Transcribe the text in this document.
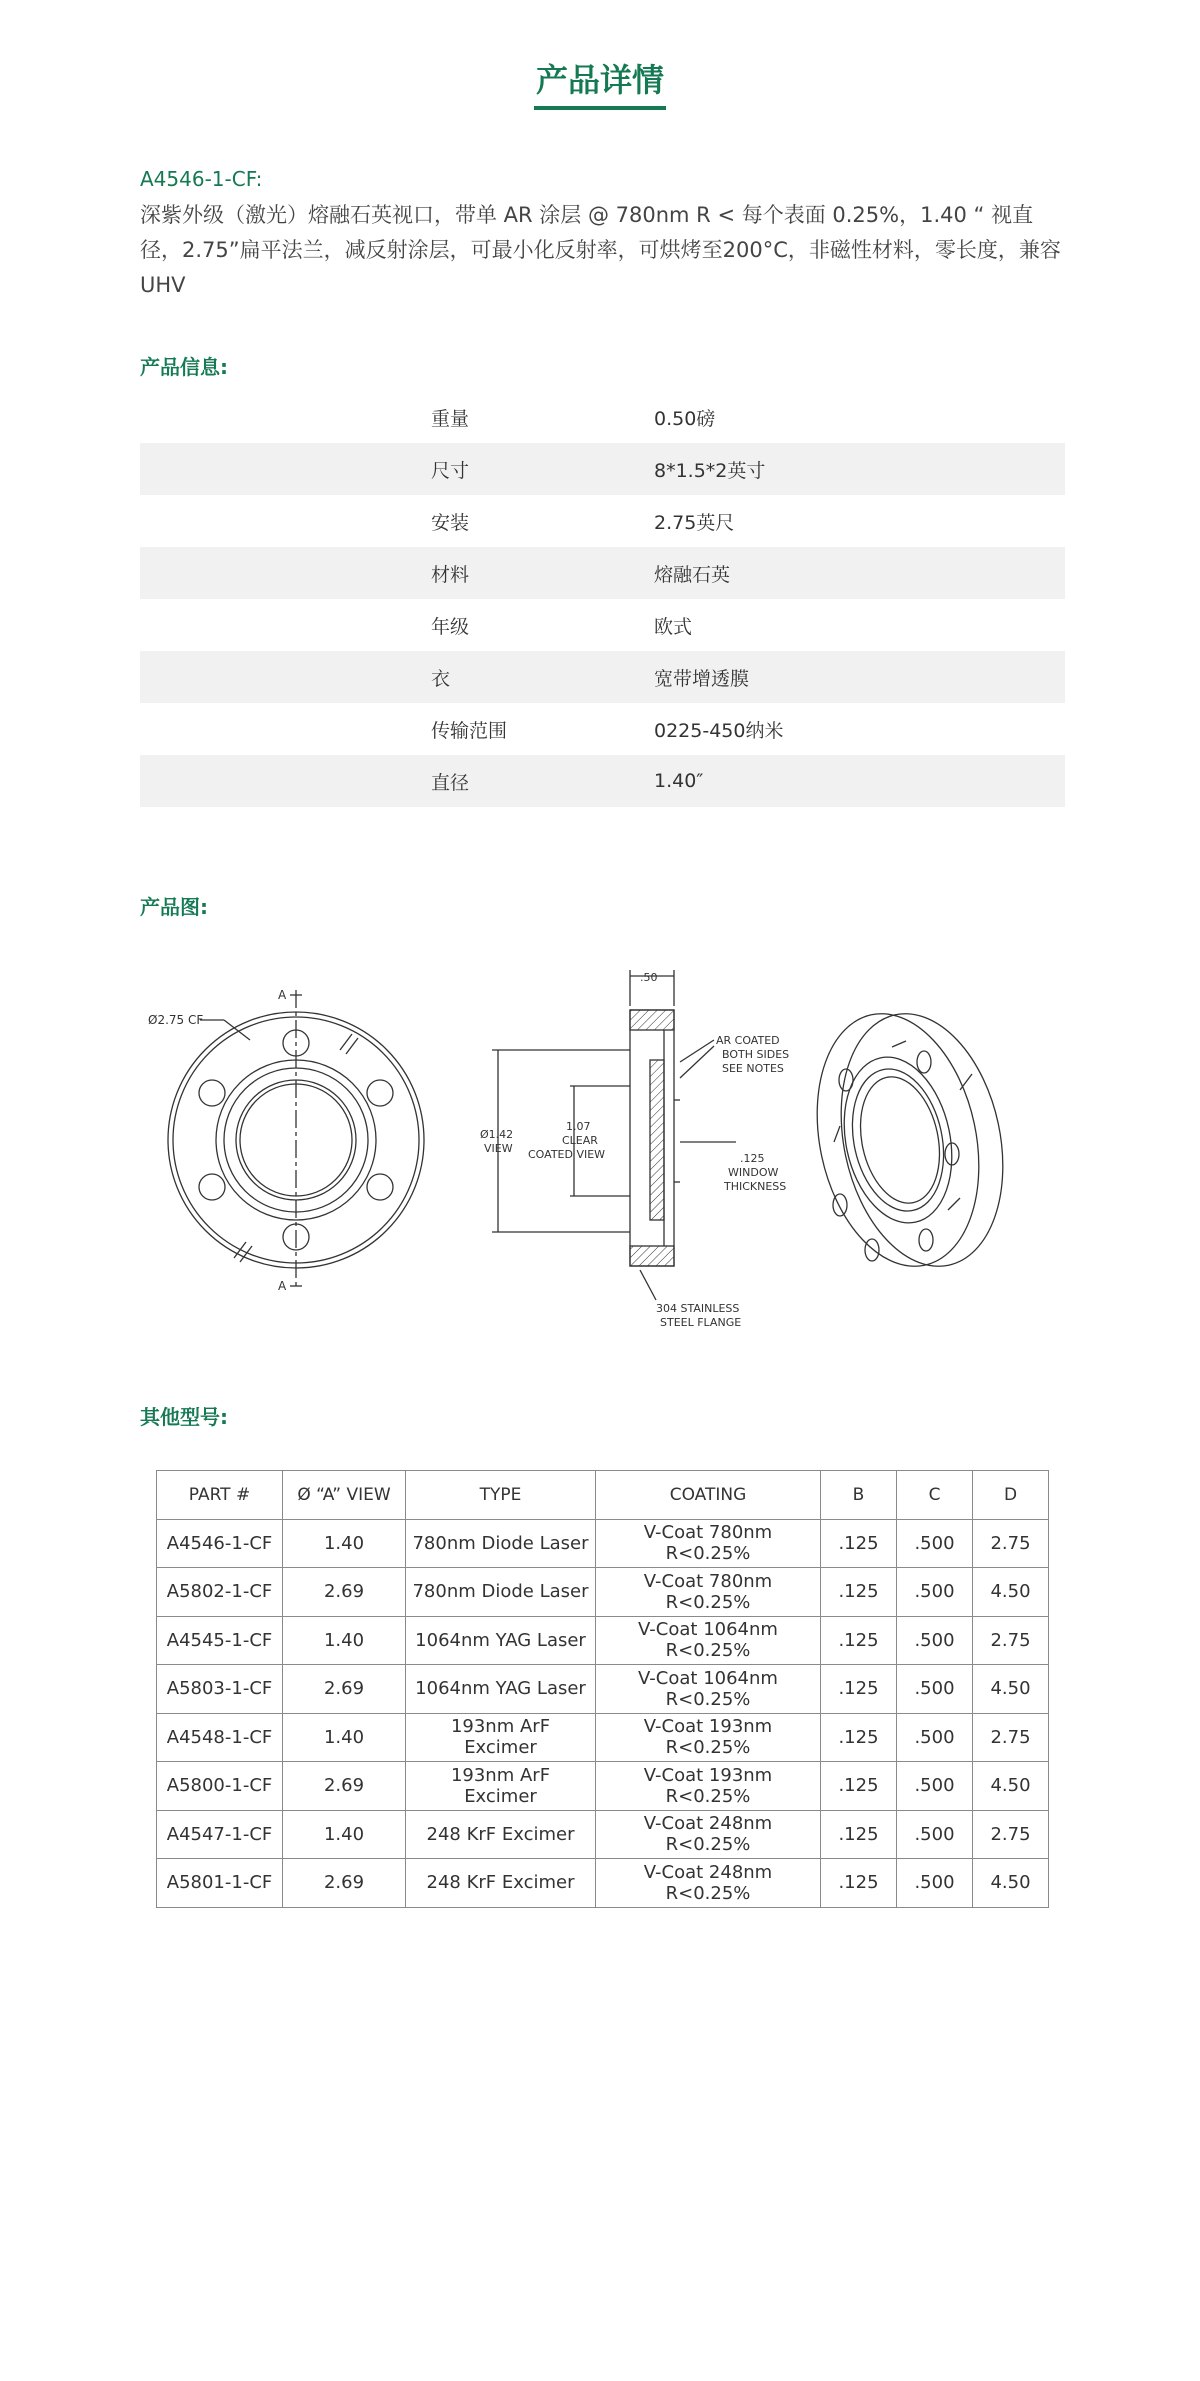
产品详情
A4546-1-CF:
深紫外级（激光）熔融石英视口，带单 AR 涂层 @ 780nm R < 每个表面 0.25%，1.40 “ 视直径，2.75”扁平法兰，减反射涂层，可最小化反射率，可烘烤至200°C，非磁性材料，零长度，兼容UHV
产品信息:
重量	0.50磅
尺寸	8*1.5*2英寸
安装	2.75英尺
材料	熔融石英
年级	欧式
衣	宽带增透膜
传输范围	0225-450纳米
直径	1.40″
产品图:
Ø2.75 CF
A
A
.50
AR COATED
BOTH SIDES
SEE NOTES
Ø1.42
VIEW
1.07
CLEAR
COATED VIEW	.125
WINDOW
THICKNESS
304 STAINLESS
STEEL FLANGE
其他型号:
PART #	Ø “A” VIEW	TYPE	COATING	B	C	D
A4546-1-CF	1.40	780nm Diode Laser	V-Coat 780nm R<0.25%	.125	.500	2.75
A5802-1-CF	2.69	780nm Diode Laser	V-Coat 780nm R<0.25%	.125	.500	4.50
A4545-1-CF	1.40	1064nm YAG Laser	V-Coat 1064nm R<0.25%	.125	.500	2.75
A5803-1-CF	2.69	1064nm YAG Laser	V-Coat 1064nm R<0.25%	.125	.500	4.50
A4548-1-CF	1.40	193nm ArF Excimer	V-Coat 193nm R<0.25%	.125	.500	2.75
A5800-1-CF	2.69	193nm ArF Excimer	V-Coat 193nm R<0.25%	.125	.500	4.50
A4547-1-CF	1.40	248 KrF Excimer	V-Coat 248nm R<0.25%	.125	.500	2.75
A5801-1-CF	2.69	248 KrF Excimer	V-Coat 248nm R<0.25%	.125	.500	4.50
